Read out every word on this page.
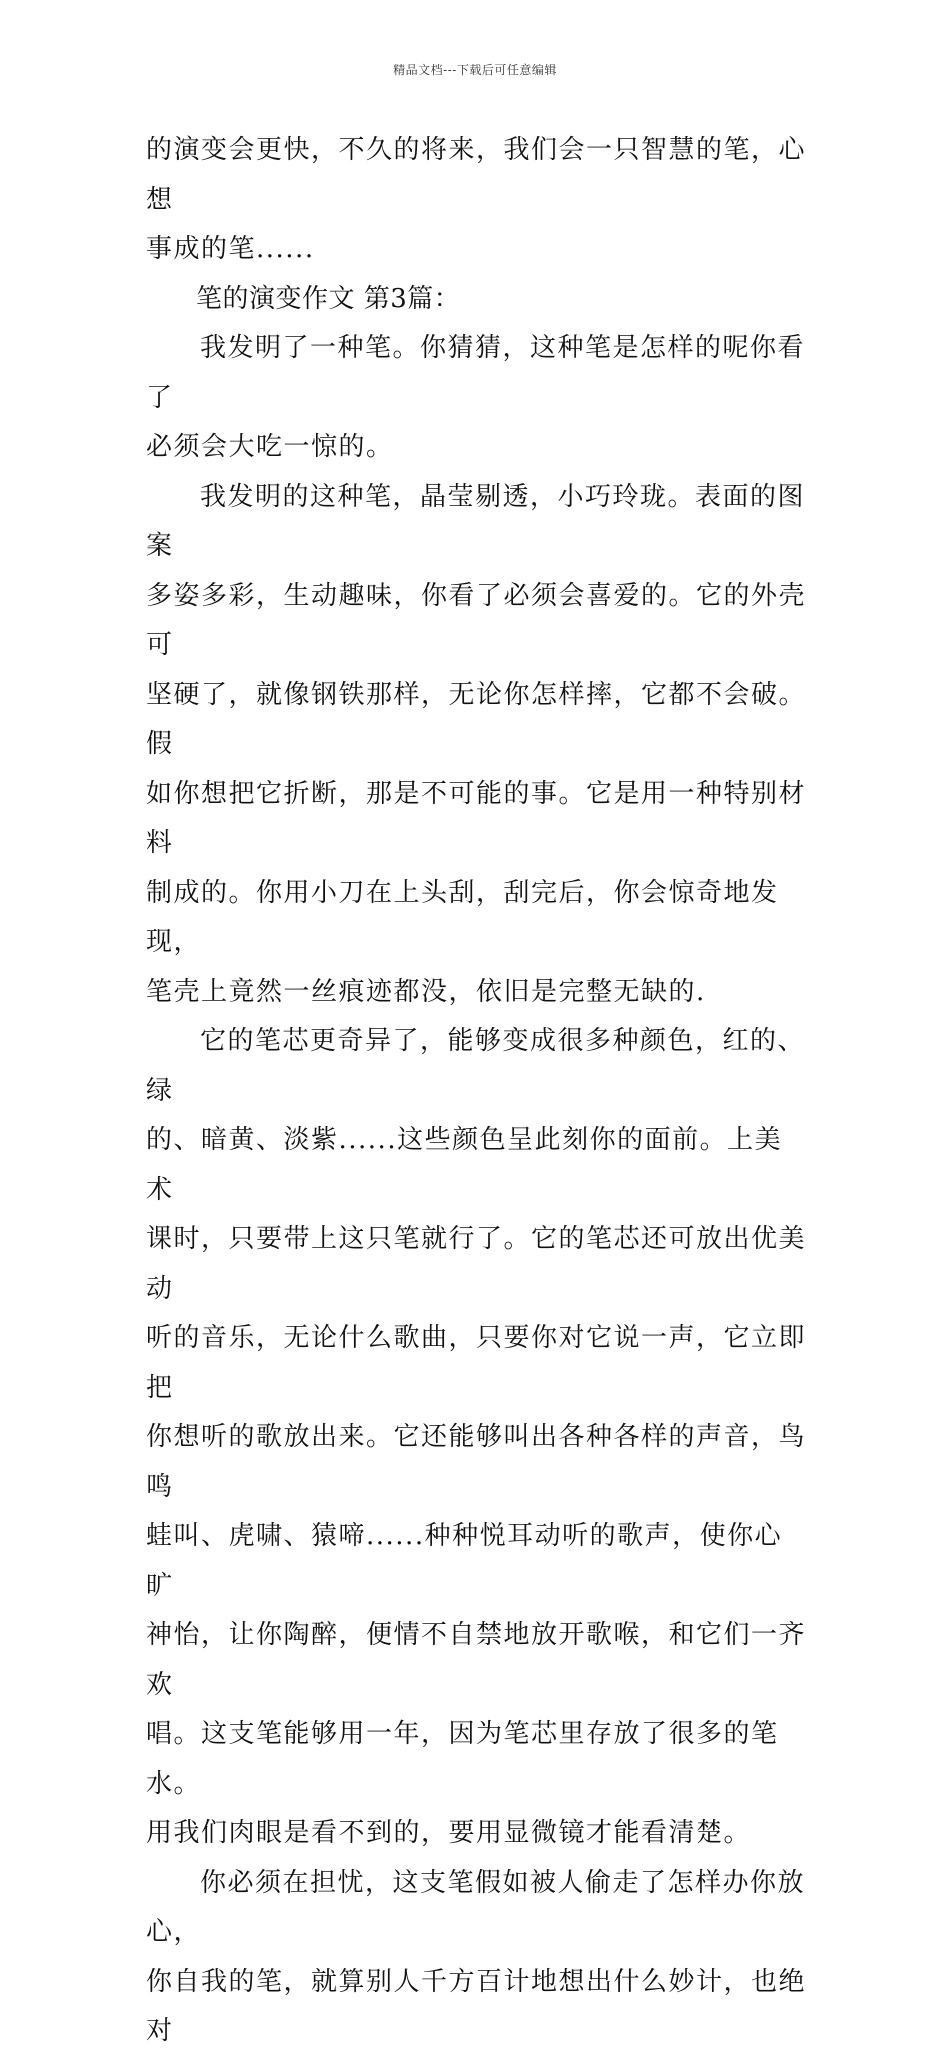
精品文档---下载后可任意编辑

的演变会更快，不久的将来，我们会一只智慧的笔，心想
事成的笔......

笔的演变作文 第3篇：

我发明了一种笔。你猜猜，这种笔是怎样的呢你看了
必须会大吃一惊的。

我发明的这种笔，晶莹剔透，小巧玲珑。表面的图案
多姿多彩，生动趣味，你看了必须会喜爱的。它的外壳可
坚硬了，就像钢铁那样，无论你怎样摔，它都不会破。假
如你想把它折断，那是不可能的事。它是用一种特别材料
制成的。你用小刀在上头刮，刮完后，你会惊奇地发现，
笔壳上竟然一丝痕迹都没，依旧是完整无缺的.

它的笔芯更奇异了，能够变成很多种颜色，红的、绿
的、暗黄、淡紫......这些颜色呈此刻你的面前。上美术
课时，只要带上这只笔就行了。它的笔芯还可放出优美动
听的音乐，无论什么歌曲，只要你对它说一声，它立即把
你想听的歌放出来。它还能够叫出各种各样的声音，鸟鸣
蛙叫、虎啸、猿啼......种种悦耳动听的歌声，使你心旷
神怡，让你陶醉，便情不自禁地放开歌喉，和它们一齐欢
唱。这支笔能够用一年，因为笔芯里存放了很多的笔水。
用我们肉眼是看不到的，要用显微镜才能看清楚。

你必须在担忧，这支笔假如被人偷走了怎样办你放心，
你自我的笔，就算别人千方百计地想出什么妙计，也绝对
